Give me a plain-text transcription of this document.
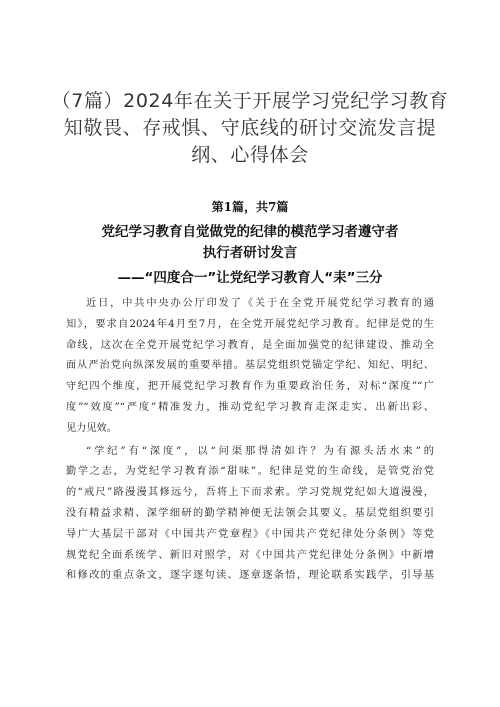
（7篇）2024年在关于开展学习党纪学习教育
知敬畏、存戒惧、守底线的研讨交流发言提
纲、心得体会
第1篇，共7篇
党纪学习教育自觉做党的纪律的模范学习者遵守者
执行者研讨发言
——“四度合一”让党纪学习教育人“耒”三分
近日，中共中央办公厅印发了《关于在全党开展党纪学习教育的通
知》，要求自2024年4月至7月，在全党开展党纪学习教育。纪律是党的生
命线，这次在全党开展党纪学习教育，是全面加强党的纪律建设、推动全
面从严治党向纵深发展的重要举措。基层党组织党锚定学纪、知纪、明纪、
守纪四个维度，把开展党纪学习教育作为重要政治任务，对标“深度”“广
度”“效度”“严度”精准发力，推动党纪学习教育走深走实、出新出彩、
见力见效。
“学纪”有“深度”，以“问渠那得清如许？为有源头活水来”的
勤学之志，为党纪学习教育添“甜味”。纪律是党的生命线，是管党治党
的“戒尺”路漫漫其修远兮，吾将上下而求索。学习党规党纪如大道漫漫，
没有精益求精、深学细研的勤学精神便无法领会其要义。基层党组织要引
导广大基层干部对《中国共产党章程》《中国共产党纪律处分条例》等党
规党纪全面系统学、新旧对照学，对《中国共产党纪律处分条例》中新增
和修改的重点条文，逐字逐句读、逐章逐条悟，理论联系实践学，引导基
